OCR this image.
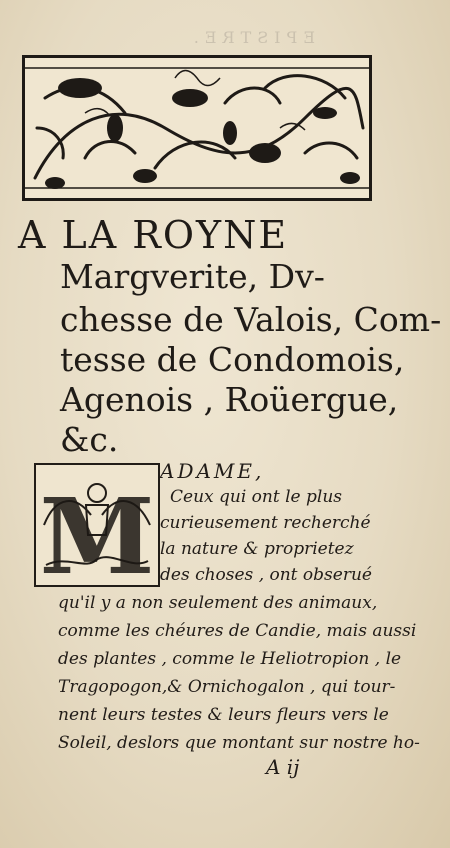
EPISTRE.
A LA ROYNE
Margverite, Dv-
chesse de Valois, Com-
tesse de Condomois,
Agenois , Roüergue,
&c.
M
ADAME,
Ceux qui ont le plus
curieusement recherché
la nature & proprietez
des choses , ont obserué
qu'il y a non seulement des animaux,
comme les chéures de Candie, mais aussi
des plantes , comme le Heliotropion , le
Tragopogon,& Ornichogalon , qui tour-
nent leurs testes & leurs fleurs vers le
Soleil, deslors que montant sur nostre ho-
A ij
